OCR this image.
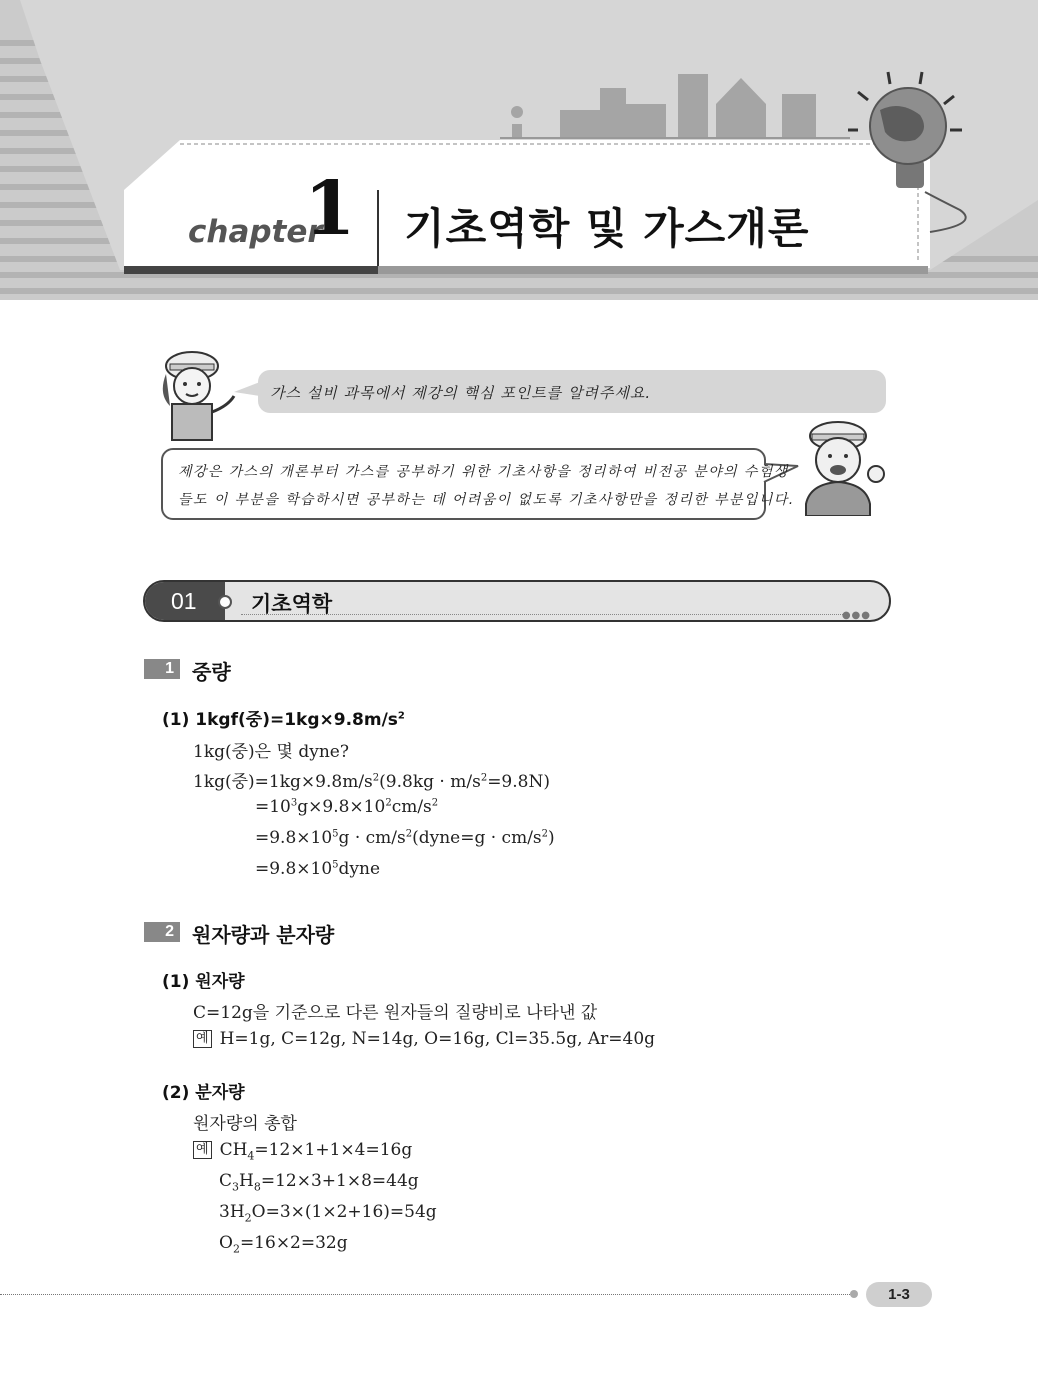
chapter
1 기초역학 및 가스개론
가스 설비 과목에서 제강의 핵심 포인트를 알려주세요.
제강은 가스의 개론부터 가스를 공부하기 위한 기초사항을 정리하여 비전공 분야의 수험생
들도 이 부분을 학습하시면 공부하는 데 어려움이 없도록 기초사항만을 정리한 부분입니다.
01	기초역학	●●●
1 중량
(1) 1kgf(중)$=1kg\times 9.8m/s^2$
1kg(중)은 몇 dyne?
1kg(중)$=1kg\times 9.8m/s^2(9.8kg \cdot m/s^2=9.8N)$
$=10^3g\times 9.8\times 10^2cm/s^2$
$=9.8\times 10^5g$ · $cm/s^2(dyne=g \cdot cm/s^2)$
$=9.8\times 10^5dyne$
2 원자량과 분자량
(1) 원자량
C=12g을 기준으로 다른 원자들의 질량비로 나타낸 값
예 H=1g, C=12g, N=14g, O=16g, Cl=35.5g, Ar=40g
(2) 분자량
원자량의 총합
예 $CH_4=12\times 1+1\times 4=16g$
$C_3H_8=12\times 3+1\times 8=44g$
$3H_2O=3\times(1\times 2+16)=54g$
$O_2=16\times 2=32g$
1-3
